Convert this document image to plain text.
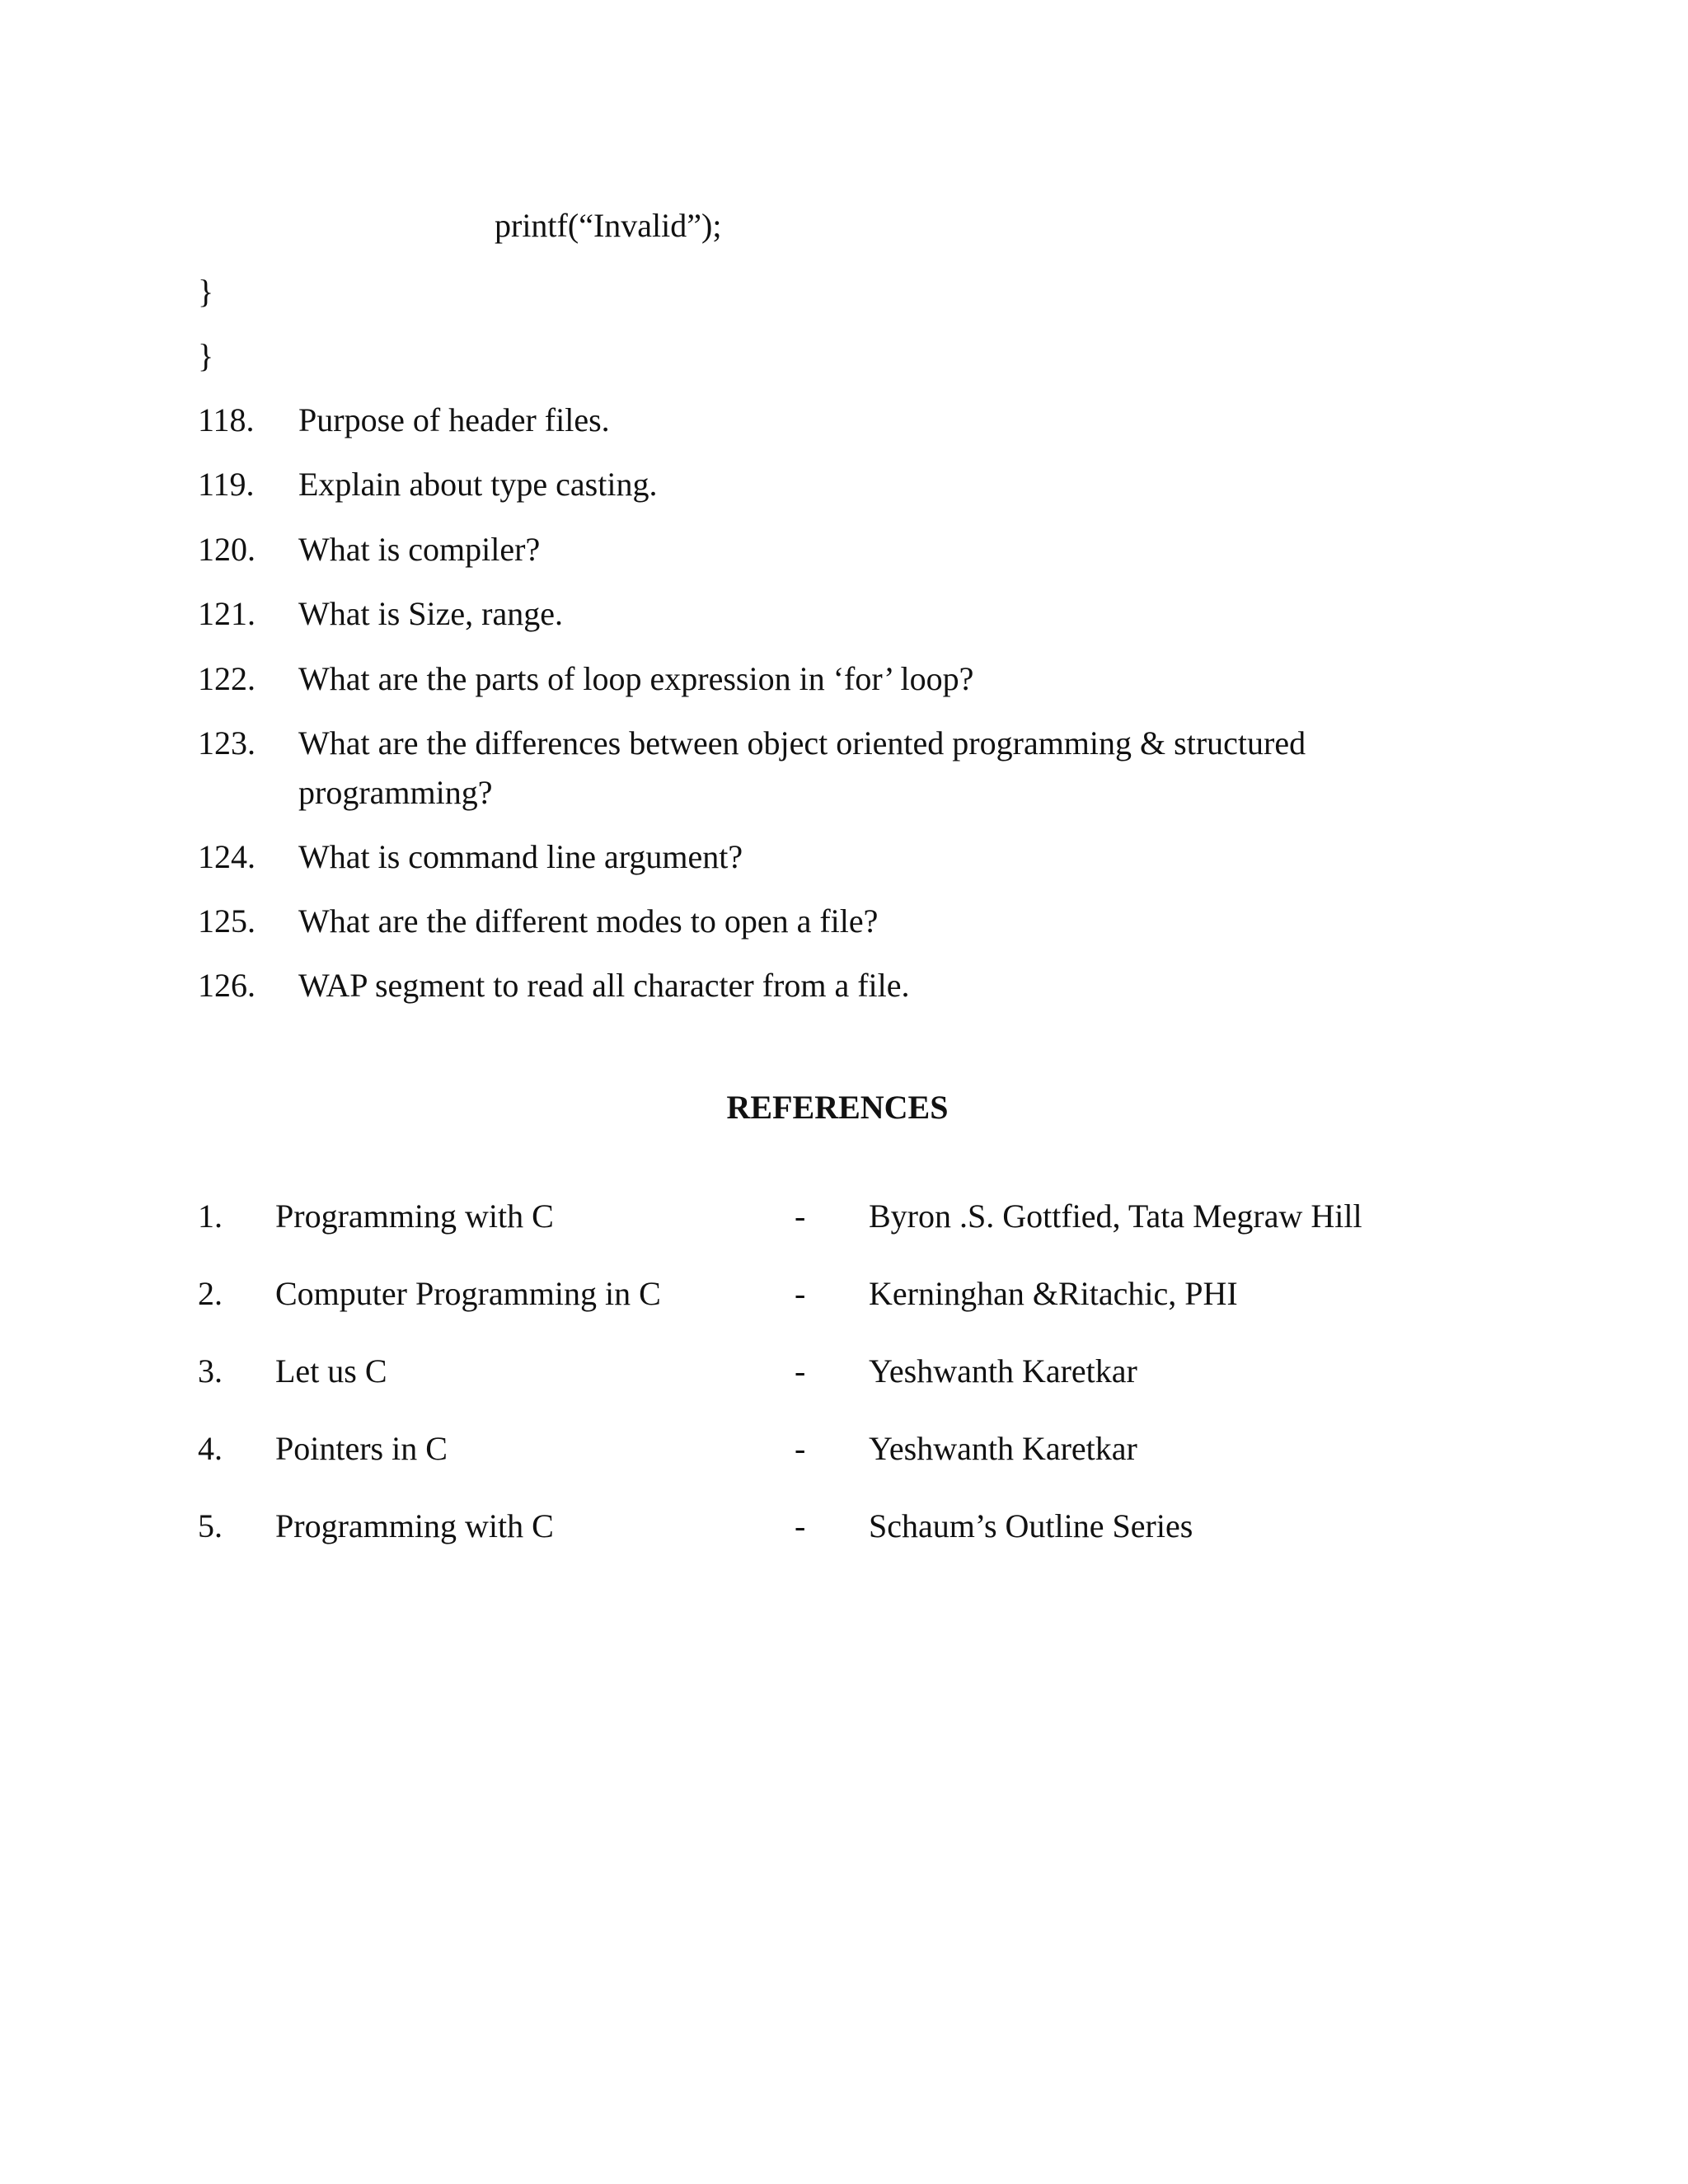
printf(“Invalid”);
}
}
118. Purpose of header files.
119. Explain about type casting.
120. What is compiler?
121. What is Size, range.
122. What are the parts of loop expression in ‘for’ loop?
123. What are the differences between object oriented programming & structured
programming?
124. What is command line argument?
125. What are the different modes to open a file?
126. WAP segment to read all character from a file.
REFERENCES
1. Programming with C	- Byron .S. Gottfied, Tata Megraw Hill
2. Computer Programming in C	- Kerninghan &Ritachic, PHI
3. Let us C	- Yeshwanth Karetkar
4. Pointers in C	- Yeshwanth Karetkar
5. Programming with C	- Schaum’s Outline Series
